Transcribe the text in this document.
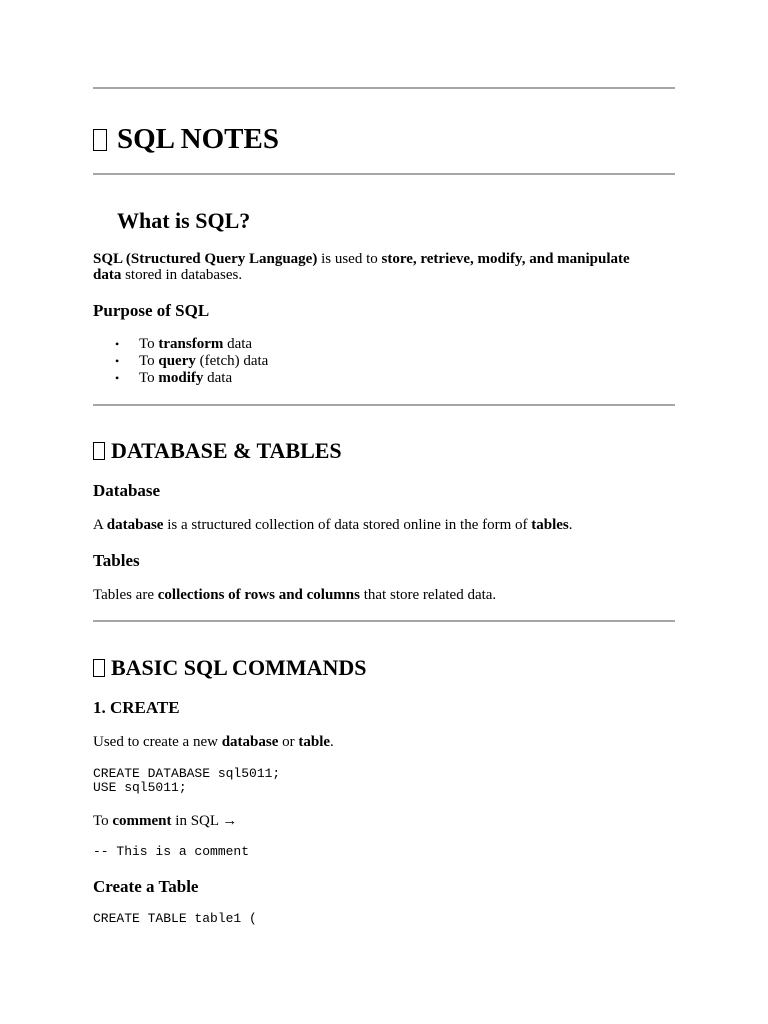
SQL NOTES
What is SQL?
SQL (Structured Query Language) is used to store, retrieve, modify, and manipulate
data stored in databases.
Purpose of SQL
• To transform data
• To query (fetch) data
• To modify data
DATABASE & TABLES
Database
A database is a structured collection of data stored online in the form of tables.
Tables
Tables are collections of rows and columns that store related data.
BASIC SQL COMMANDS
1. CREATE
Used to create a new database or table.
CREATE DATABASE sql5011;
USE sql5011;
To comment in SQL →
-- This is a comment
Create a Table
CREATE TABLE table1 (
